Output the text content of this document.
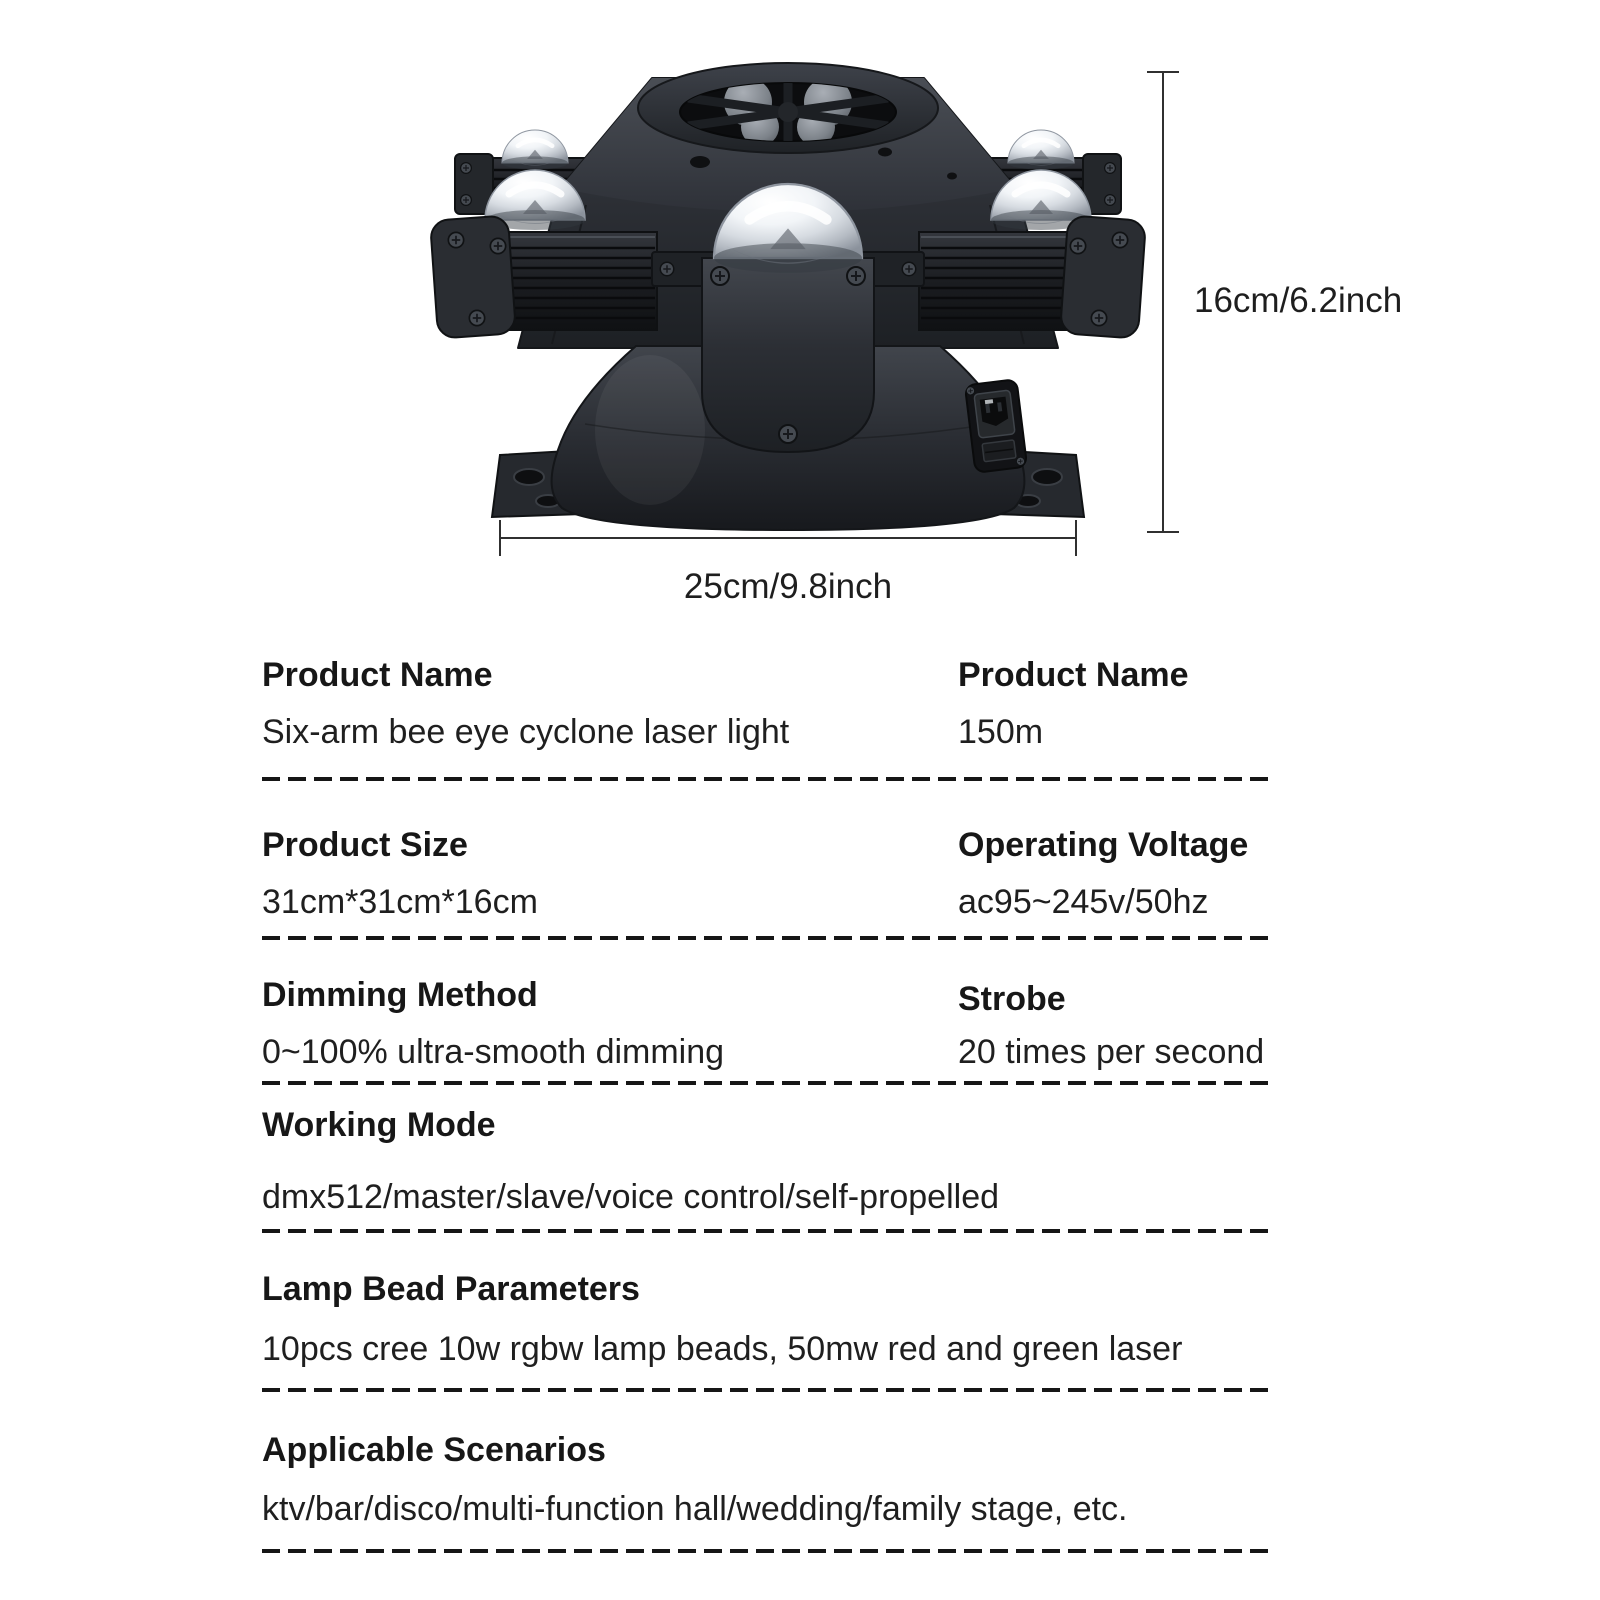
16cm/6.2inch
25cm/9.8inch
Product Name
Six-arm bee eye cyclone laser light
Product Name
150m
Product Size
31cm*31cm*16cm
Operating Voltage
ac95~245v/50hz
Dimming Method
0~100% ultra-smooth dimming
Strobe
20 times per second
Working Mode
dmx512/master/slave/voice control/self-propelled
Lamp Bead Parameters
10pcs cree 10w rgbw lamp beads, 50mw red and green laser
Applicable Scenarios
ktv/bar/disco/multi-function hall/wedding/family stage, etc.
